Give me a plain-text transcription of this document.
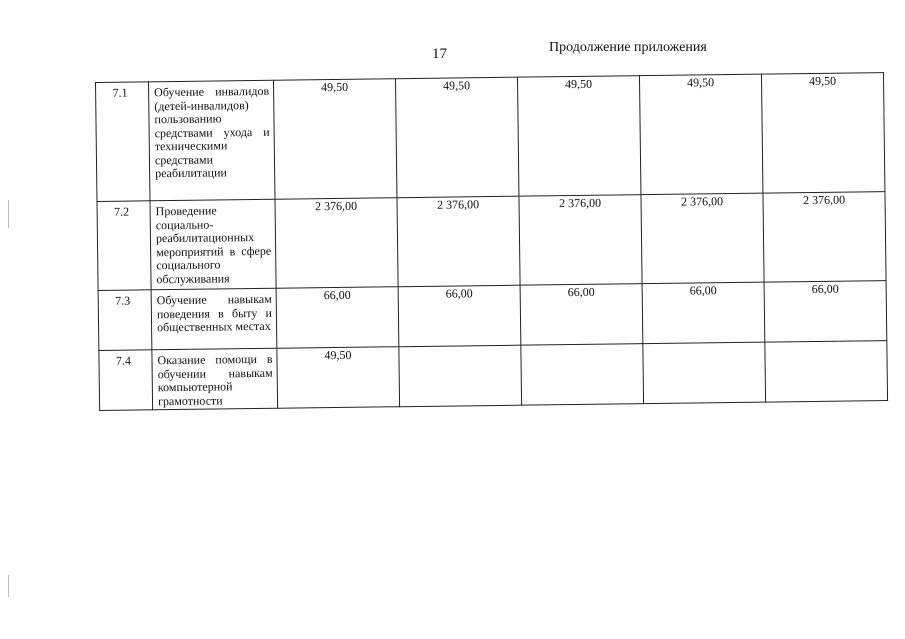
17	Продолжение приложения
7.1	Обучение инвалидов (детей-инвалидов) пользованию средствами ухода и техническими средствами реабилитации	49,50	49,50	49,50	49,50	49,50
7.2	Проведение социально-реабилитационных мероприятий в сфере социального обслуживания	2 376,00	2 376,00	2 376,00	2 376,00	2 376,00
7.3	Обучение навыкам поведения в быту и общественных местах	66,00	66,00	66,00	66,00	66,00
7.4	Оказание помощи в обучении навыкам компьютерной грамотности	49,50				
